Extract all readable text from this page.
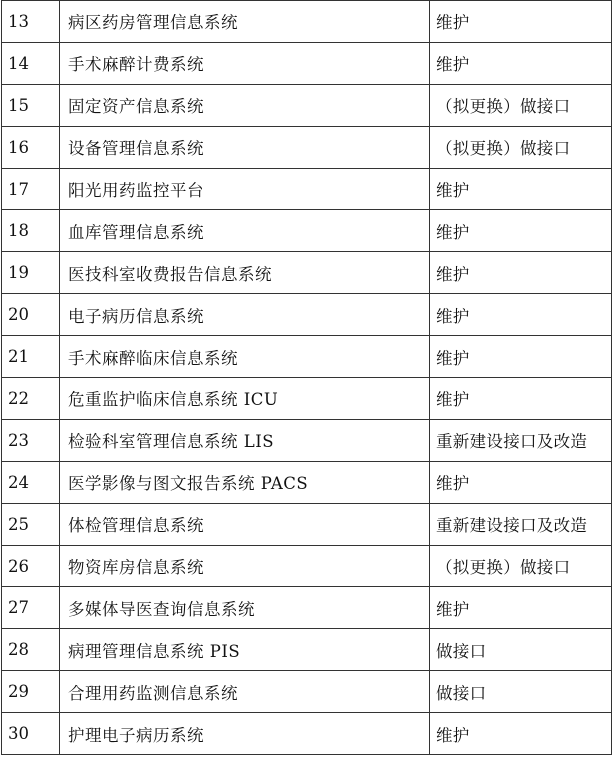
13	病区药房管理信息系统	维护
14	手术麻醉计费系统	维护
15	固定资产信息系统	（拟更换）做接口
16	设备管理信息系统	（拟更换）做接口
17	阳光用药监控平台	维护
18	血库管理信息系统	维护
19	医技科室收费报告信息系统	维护
20	电子病历信息系统	维护
21	手术麻醉临床信息系统	维护
22	危重监护临床信息系统 ICU	维护
23	检验科室管理信息系统 LIS	重新建设接口及改造
24	医学影像与图文报告系统 PACS	维护
25	体检管理信息系统	重新建设接口及改造
26	物资库房信息系统	（拟更换）做接口
27	多媒体导医查询信息系统	维护
28	病理管理信息系统 PIS	做接口
29	合理用药监测信息系统	做接口
30	护理电子病历系统	维护
